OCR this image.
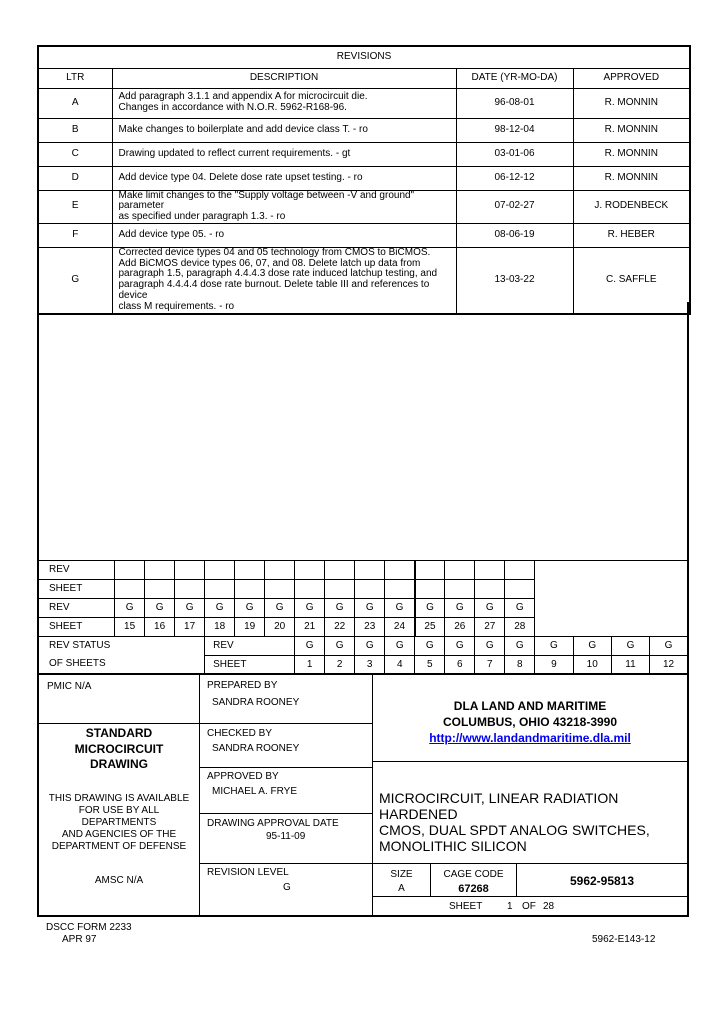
REVISIONS			
LTR	DESCRIPTION	DATE (YR-MO-DA)	APPROVED
A	Add paragraph 3.1.1 and appendix A for microcircuit die.
Changes in accordance with N.O.R. 5962-R168-96.	96-08-01	R. MONNIN
B	Make changes to boilerplate and add device class T. - ro	98-12-04	R. MONNIN
C	Drawing updated to reflect current requirements. - gt	03-01-06	R. MONNIN
D	Add device type 04. Delete dose rate upset testing. - ro	06-12-12	R. MONNIN
E	Make limit changes to the "Supply voltage between -V and ground" parameter
as specified under paragraph 1.3. - ro	07-02-27	J. RODENBECK
F	Add device type 05. - ro	08-06-19	R. HEBER
G	Corrected device types 04 and 05 technology from CMOS to BiCMOS.
Add BiCMOS device types 06, 07, and 08. Delete latch up data from
paragraph 1.5, paragraph 4.4.4.3 dose rate induced latchup testing, and
paragraph 4.4.4.4 dose rate burnout. Delete table III and references to device
class M requirements. - ro	13-03-22	C. SAFFLE
REV																		
SHEET																		
REV	G	G	G	G	G	G	G	G	G	G	G	G	G	G				
SHEET	15	16	17	18	19	20	21	22	23	24	25	26	27	28				
REV STATUS				REV			G	G	G	G	G	G	G	G	G	G	G	G
OF SHEETS				SHEET			1	2	3	4	5	6	7	8	9	10	11	12
PMIC N/A
STANDARD
MICROCIRCUIT
DRAWING
THIS DRAWING IS AVAILABLE
FOR USE BY ALL
DEPARTMENTS
AND AGENCIES OF THE
DEPARTMENT OF DEFENSE
AMSC N/A
PREPARED BY
SANDRA ROONEY
CHECKED BY
SANDRA ROONEY
APPROVED BY
MICHAEL A. FRYE
DRAWING APPROVAL DATE
95-11-09
REVISION LEVEL
G
DLA LAND AND MARITIME
COLUMBUS, OHIO 43218-3990
http://www.landandmaritime.dla.mil
MICROCIRCUIT, LINEAR RADIATION HARDENED
CMOS, DUAL SPDT ANALOG SWITCHES,
MONOLITHIC SILICON
SIZE
A
CAGE CODE
67268
5962-95813
SHEET 1 OF 28
DSCC FORM 2233
APR 97	5962-E143-12
